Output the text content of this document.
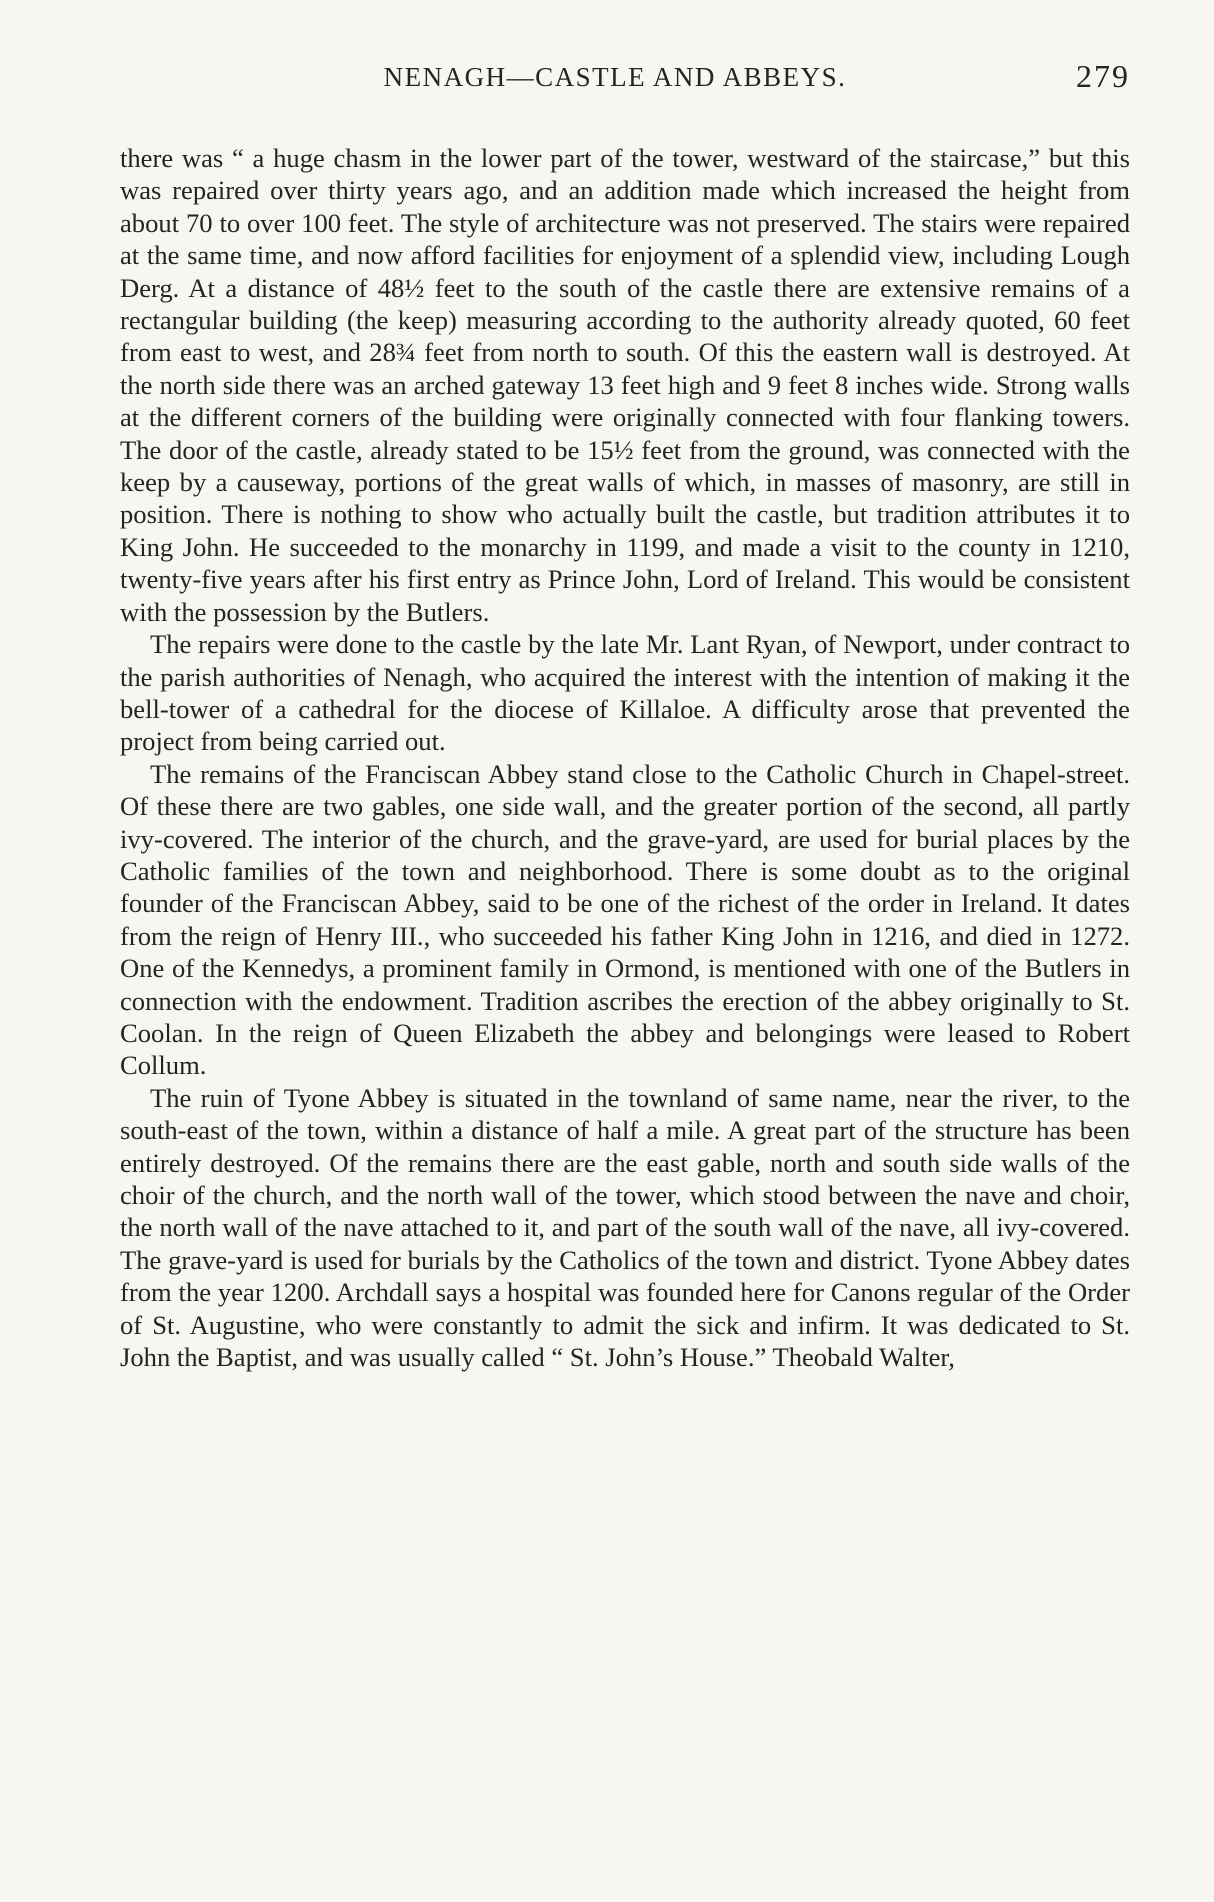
NENAGH—CASTLE AND ABBEYS.	279

there was “ a huge chasm in the lower part of the tower, westward of the staircase,” but this was repaired over thirty years ago, and an addition made which increased the height from about 70 to over 100 feet. The style of architecture was not preserved. The stairs were repaired at the same time, and now afford facilities for enjoyment of a splendid view, including Lough Derg. At a distance of 48½ feet to the south of the castle there are extensive remains of a rectangular building (the keep) measuring according to the authority already quoted, 60 feet from east to west, and 28¾ feet from north to south. Of this the eastern wall is destroyed. At the north side there was an arched gateway 13 feet high and 9 feet 8 inches wide. Strong walls at the different corners of the building were originally connected with four flanking towers. The door of the castle, already stated to be 15½ feet from the ground, was connected with the keep by a causeway, portions of the great walls of which, in masses of masonry, are still in position. There is nothing to show who actually built the castle, but tradition attributes it to King John. He succeeded to the monarchy in 1199, and made a visit to the county in 1210, twenty-five years after his first entry as Prince John, Lord of Ireland. This would be consistent with the possession by the Butlers.

The repairs were done to the castle by the late Mr. Lant Ryan, of Newport, under contract to the parish authorities of Nenagh, who acquired the interest with the intention of making it the bell-tower of a cathedral for the diocese of Killaloe. A difficulty arose that prevented the project from being carried out.

The remains of the Franciscan Abbey stand close to the Catholic Church in Chapel-street. Of these there are two gables, one side wall, and the greater portion of the second, all partly ivy-covered. The interior of the church, and the grave-yard, are used for burial places by the Catholic families of the town and neighborhood. There is some doubt as to the original founder of the Franciscan Abbey, said to be one of the richest of the order in Ireland. It dates from the reign of Henry III., who succeeded his father King John in 1216, and died in 1272. One of the Kennedys, a prominent family in Ormond, is mentioned with one of the Butlers in connection with the endowment. Tradition ascribes the erection of the abbey originally to St. Coolan. In the reign of Queen Elizabeth the abbey and belongings were leased to Robert Collum.

The ruin of Tyone Abbey is situated in the townland of same name, near the river, to the south-east of the town, within a distance of half a mile. A great part of the structure has been entirely destroyed. Of the remains there are the east gable, north and south side walls of the choir of the church, and the north wall of the tower, which stood between the nave and choir, the north wall of the nave attached to it, and part of the south wall of the nave, all ivy-covered. The grave-yard is used for burials by the Catholics of the town and district. Tyone Abbey dates from the year 1200. Archdall says a hospital was founded here for Canons regular of the Order of St. Augustine, who were constantly to admit the sick and infirm. It was dedicated to St. John the Baptist, and was usually called “ St. John’s House.” Theobald Walter,
